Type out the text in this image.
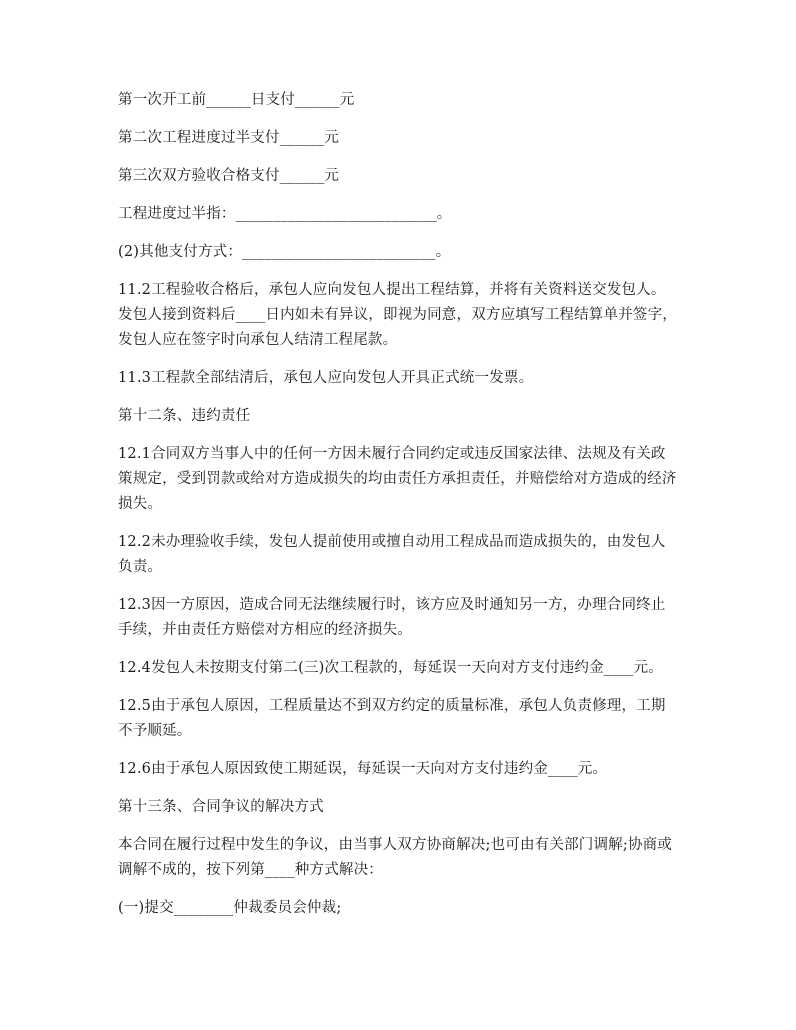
第一次开工前______日支付______元

第二次工程进度过半支付______元

第三次双方验收合格支付______元

工程进度过半指：___________________________。

(2)其他支付方式：__________________________。

11.2工程验收合格后，承包人应向发包人提出工程结算，并将有关资料送交发包人。发包人接到资料后____日内如未有异议，即视为同意，双方应填写工程结算单并签字，发包人应在签字时向承包人结清工程尾款。

11.3工程款全部结清后，承包人应向发包人开具正式统一发票。

第十二条、违约责任

12.1合同双方当事人中的任何一方因未履行合同约定或违反国家法律、法规及有关政策规定，受到罚款或给对方造成损失的均由责任方承担责任，并赔偿给对方造成的经济损失。

12.2未办理验收手续，发包人提前使用或擅自动用工程成品而造成损失的，由发包人负责。

12.3因一方原因，造成合同无法继续履行时，该方应及时通知另一方，办理合同终止手续，并由责任方赔偿对方相应的经济损失。

12.4发包人未按期支付第二(三)次工程款的，每延误一天向对方支付违约金____元。

12.5由于承包人原因，工程质量达不到双方约定的质量标准，承包人负责修理，工期不予顺延。

12.6由于承包人原因致使工期延误，每延误一天向对方支付违约金____元。

第十三条、合同争议的解决方式

本合同在履行过程中发生的争议，由当事人双方协商解决;也可由有关部门调解;协商或调解不成的，按下列第____种方式解决：

(一)提交________仲裁委员会仲裁;
